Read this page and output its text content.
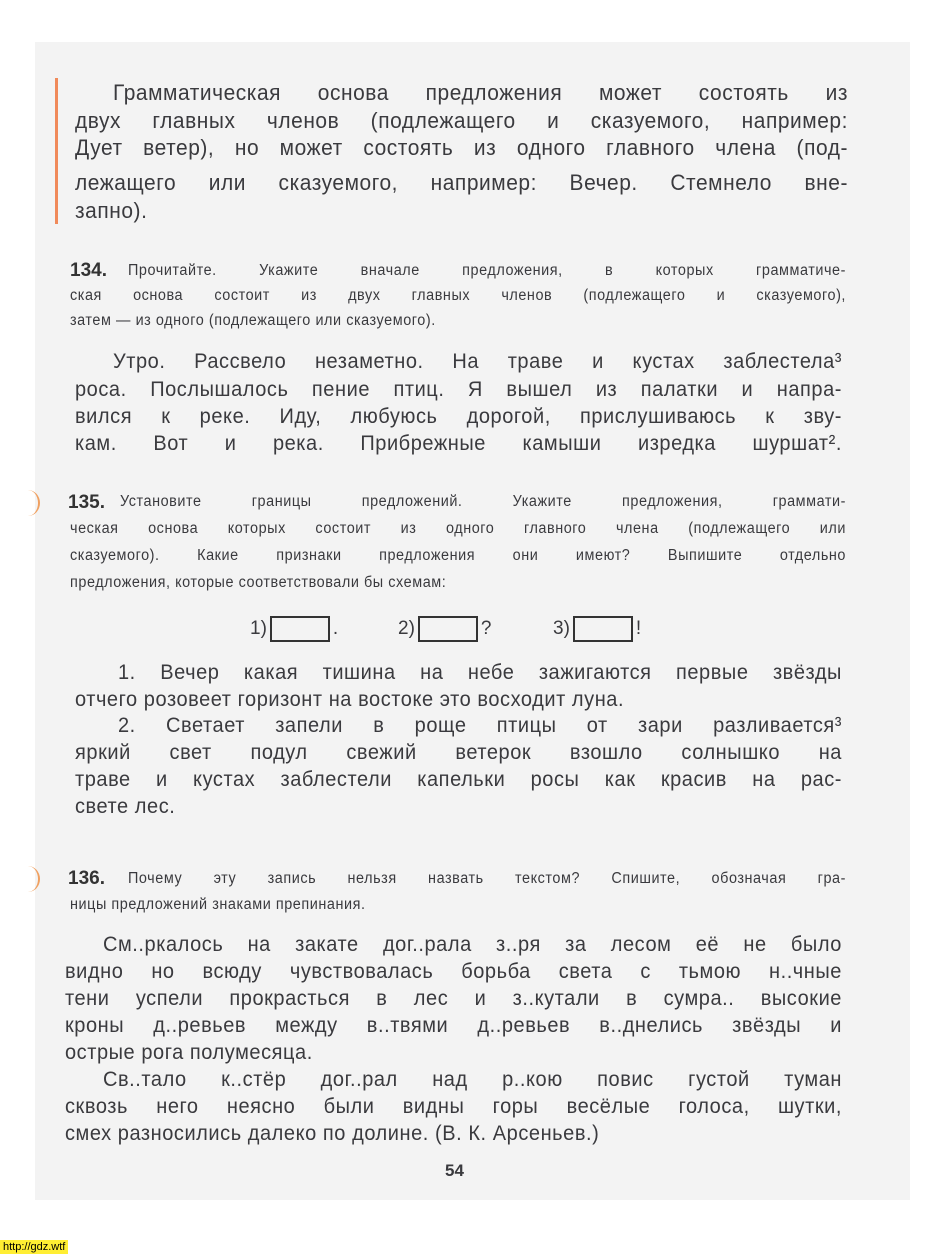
134.
135.
136.
1)	.	2)	?	3)	!
54
http://gdz.wtf
Грамматическая основа предложения может состоять из
двух главных членов (подлежащего и сказуемого, например:
Дует ветер), но может состоять из одного главного члена (под-
лежащего или сказуемого, например: Вечер. Стемнело внe-
запно).
Прочитайте. Укажите вначале предложения, в которых грамматиче-
ская основа состоит из двух главных членов (подлежащего и сказуемого),
затем — из одного (подлежащего или сказуемого).
Утро. Рассвело незаметно. На траве и кустах заблестела³
роса. Послышалось пение птиц. Я вышел из палатки и напра-
вился к реке. Иду, любуюсь дорогой, прислушиваюсь к зву-
кам. Вот и река. Прибрежные камыши изредка шуршат².
Установите границы предложений. Укажите предложения, граммати-
ческая основа которых состоит из одного главного члена (подлежащего или
сказуемого). Какие признаки предложения они имеют? Выпишите отдельно
предложения, которые соответствовали бы схемам:
1. Вечер какая тишина на небе зажигаются первые звёзды
отчего розовеет горизонт на востоке это восходит луна.
2. Светает запели в роще птицы от зари разливается³
яркий свет подул свежий ветерок взошло солнышко на
траве и кустах заблестели капельки росы как красив на рас-
свете лес.
Почему эту запись нельзя назвать текстом? Спишите, обозначая гра-
ницы предложений знаками препинания.
См..ркалось на закате дог..рала з..ря за лесом её не было
видно но всюду чувствовалась борьба света с тьмою н..чные
тени успели прокрасться в лес и з..кутали в сумра.. высокие
кроны д..ревьев между в..твями д..ревьев в..днелись звёзды и
острые рога полумесяца.
Св..тало к..стёр дог..рал над р..кою повис густой туман
сквозь него неясно были видны горы весёлые голоса, шутки,
смех разносились далеко по долине. (В. К. Арсеньев.)
